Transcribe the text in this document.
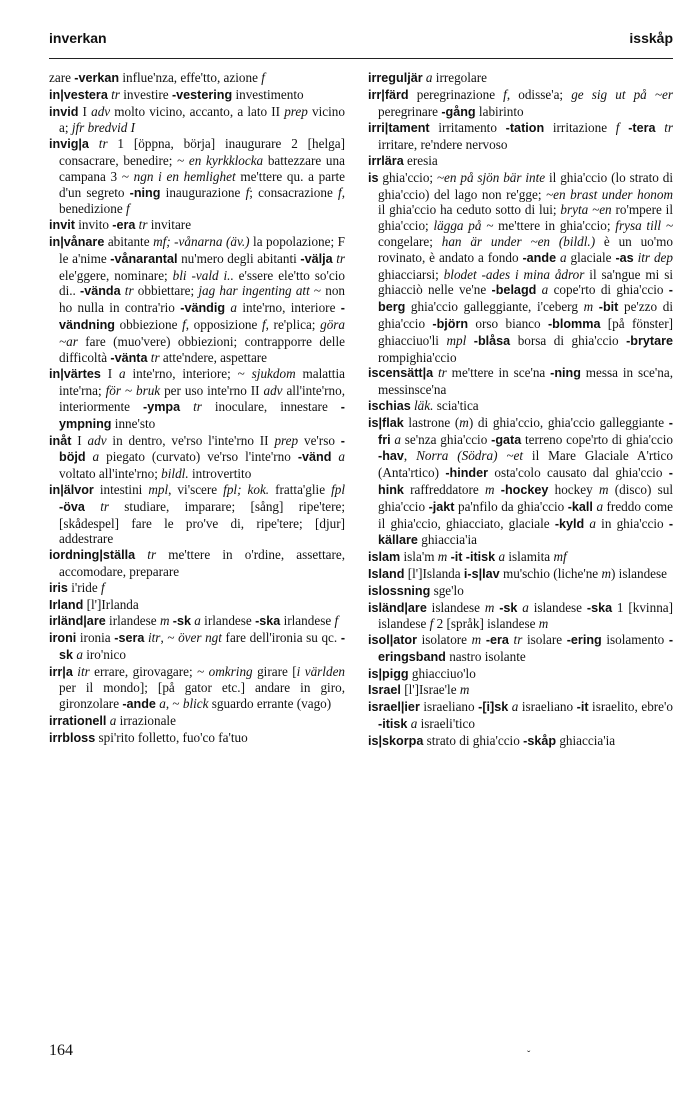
inverkan	isskåp

zare -verkan influe'nza, effe'tto, azione f

in|vestera tr investire -vestering investimento

invid I adv molto vicino, accanto, a lato II prep vicino a; jfr bredvid I

invig|a tr 1 [öppna, börja] inaugurare 2 [helga] consacrare, benedire; ~ en kyrkklocka battezzare una campana 3 ~ ngn i en hemlighet me'ttere qu. a parte d'un segreto -ning inaugurazione f; consacrazione f, benedizione f

invit invito -era tr invitare

in|vånare abitante mf; -vånarna (äv.) la popolazione; F le a'nime -vånarantal nu'mero degli abitanti -välja tr ele'ggere, nominare; bli -vald i.. e'ssere ele'tto so'cio di.. -vända tr obbiettare; jag har ingenting att ~ non ho nulla in contra'rio -vändig a inte'rno, interiore -vändning obbiezione f, opposizione f, re'plica; göra ~ar fare (muo'vere) obbiezioni; contrapporre delle difficoltà -vänta tr atte'ndere, aspettare

in|värtes I a inte'rno, interiore; ~ sjukdom malattia inte'rna; för ~ bruk per uso inte'rno II adv all'inte'rno, interiormente -ympa tr inoculare, innestare -ympning inne'sto

inåt I adv in dentro, ve'rso l'inte'rno II prep ve'rso -böjd a piegato (curvato) ve'rso l'inte'rno -vänd a voltato all'inte'rno; bildl. introvertito

in|älvor intestini mpl, vi'scere fpl; kok. fratta'glie fpl -öva tr studiare, imparare; [sång] ripe'tere; [skådespel] fare le pro've di, ripe'tere; [djur] addestrare

iordning|ställa tr me'ttere in o'rdine, assettare, accomodare, preparare

iris i'ride f

Irland [l']Irlanda

irländ|are irlandese m -sk a irlandese -ska irlandese f

ironi ironia -sera itr, ~ över ngt fare dell'ironia su qc. -sk a iro'nico

irr|a itr errare, girovagare; ~ omkring girare [i världen per il mondo]; [på gator etc.] andare in giro, gironzolare -ande a, ~ blick sguardo errante (vago)

irrationell a irrazionale

irrbloss spi'rito folletto, fuo'co fa'tuo

irreguljär a irregolare

irr|färd peregrinazione f, odisse'a; ge sig ut på ~er peregrinare -gång labirinto

irri|tament irritamento -tation irritazione f -tera tr irritare, re'ndere nervoso

irrlära eresia

is ghia'ccio; ~en på sjön bär inte il ghia'ccio (lo strato di ghia'ccio) del lago non re'gge; ~en brast under honom il ghia'ccio ha ceduto sotto di lui; bryta ~en ro'mpere il ghia'ccio; lägga på ~ me'ttere in ghia'ccio; frysa till ~ congelare; han är under ~en (bildl.) è un uo'mo rovinato, è andato a fondo -ande a glaciale -as itr dep ghiacciarsi; blodet -ades i mina ådror il sa'ngue mi si ghiacciò nelle ve'ne -belagd a cope'rto di ghia'ccio -berg ghia'ccio galleggiante, i'ceberg m -bit pe'zzo di ghia'ccio -björn orso bianco -blomma [på fönster] ghiacciuo'li mpl -blåsa borsa di ghia'ccio -brytare rompighia'ccio

iscensätt|a tr me'ttere in sce'na -ning messa in sce'na, messinsce'na

ischias läk. scia'tica

is|flak lastrone (m) di ghia'ccio, ghia'ccio galleggiante -fri a se'nza ghia'ccio -gata terreno cope'rto di ghia'ccio -hav, Norra (Södra) ~et il Mare Glaciale A'rtico (Anta'rtico) -hinder osta'colo causato dal ghia'ccio -hink raffreddatore m -hockey hockey m (disco) sul ghia'ccio -jakt pa'nfilo da ghia'ccio -kall a freddo come il ghia'ccio, ghiacciato, glaciale -kyld a in ghia'ccio -källare ghiaccia'ia

islam isla'm m -it -itisk a islamita mf

Island [l']Islanda i-s|lav mu'schio (liche'ne m) islandese

islossning sge'lo

isländ|are islandese m -sk a islandese -ska 1 [kvinna] islandese f 2 [språk] islandese m

isol|ator isolatore m -era tr isolare -ering isolamento -eringsband nastro isolante

is|pigg ghiacciuo'lo

Israel [l']Israe'le m

israel|ier israeliano -[i]sk a israeliano -it israelito, ebre'o -itisk a israeli'tico

is|skorpa strato di ghia'ccio -skåp ghiaccia'ia

164	ˇ
